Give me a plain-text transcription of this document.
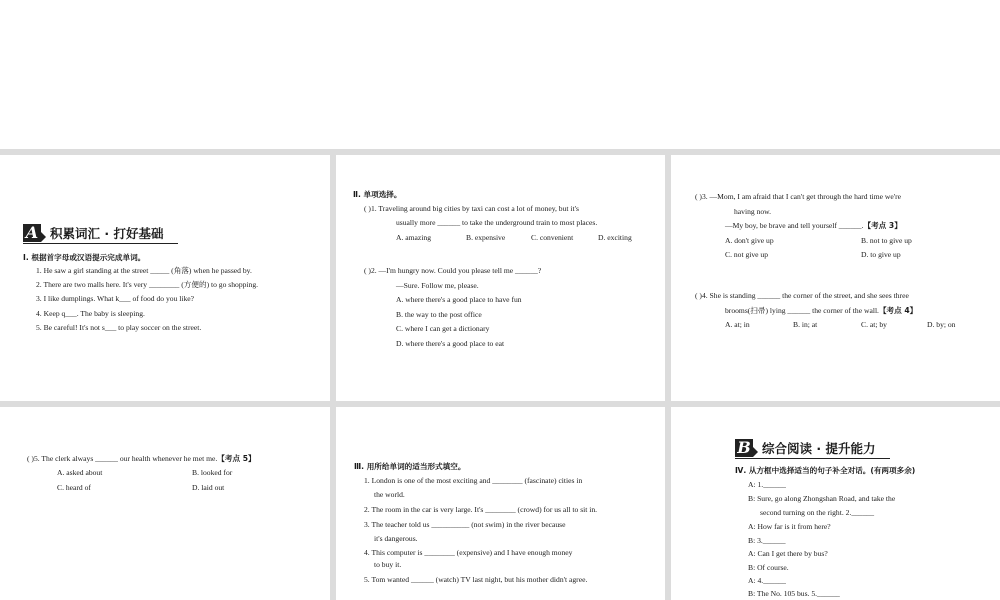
A 积累词汇 · 打好基础
Ⅰ. 根据首字母或汉语提示完成单词。
1. He saw a girl standing at the street _____ (角落) when he passed by.
2. There are two malls here. It's very ________ (方便的) to go shopping.
3. I like dumplings. What k___ of food do you like?
4. Keep q___. The baby is sleeping.
5. Be careful! It's not s___ to play soccer on the street.
Ⅱ. 单项选择。
( )1. Traveling around big cities by taxi can cost a lot of money, but it's
usually more ______ to take the underground train to most places.
A. amazing	B. expensive	C. convenient	D. exciting
( )2. —I'm hungry now. Could you please tell me ______?
—Sure. Follow me, please.
A. where there's a good place to have fun
B. the way to the post office
C. where I can get a dictionary
D. where there's a good place to eat
( )3. —Mom, I am afraid that I can't get through the hard time we're
having now.
—My boy, be brave and tell yourself ______.【考点 3】
A. don't give up	B. not to give up
C. not give up	D. to give up
( )4. She is standing ______ the corner of the street, and she sees three
brooms(扫帚) lying ______ the corner of the wall.【考点 4】
A. at; in	B. in; at	C. at; by	D. by; on
( )5. The clerk always ______ our health whenever he met me.【考点 5】
A. asked about	B. looked for
C. heard of	D. laid out
Ⅲ. 用所给单词的适当形式填空。
1. London is one of the most exciting and ________ (fascinate) cities in
the world.
2. The room in the car is very large. It's ________ (crowd) for us all to sit in.
3. The teacher told us __________ (not swim) in the river because
it's dangerous.
4. This computer is ________ (expensive) and I have enough money
to buy it.
5. Tom wanted ______ (watch) TV last night, but his mother didn't agree.
B 综合阅读 · 提升能力
Ⅳ. 从方框中选择适当的句子补全对话。(有两项多余)
A: 1.______
B: Sure, go along Zhongshan Road, and take the
second turning on the right. 2.______
A: How far is it from here?
B: 3.______
A: Can I get there by bus?
B: Of course.
A: 4.______
B: The No. 105 bus. 5.______
